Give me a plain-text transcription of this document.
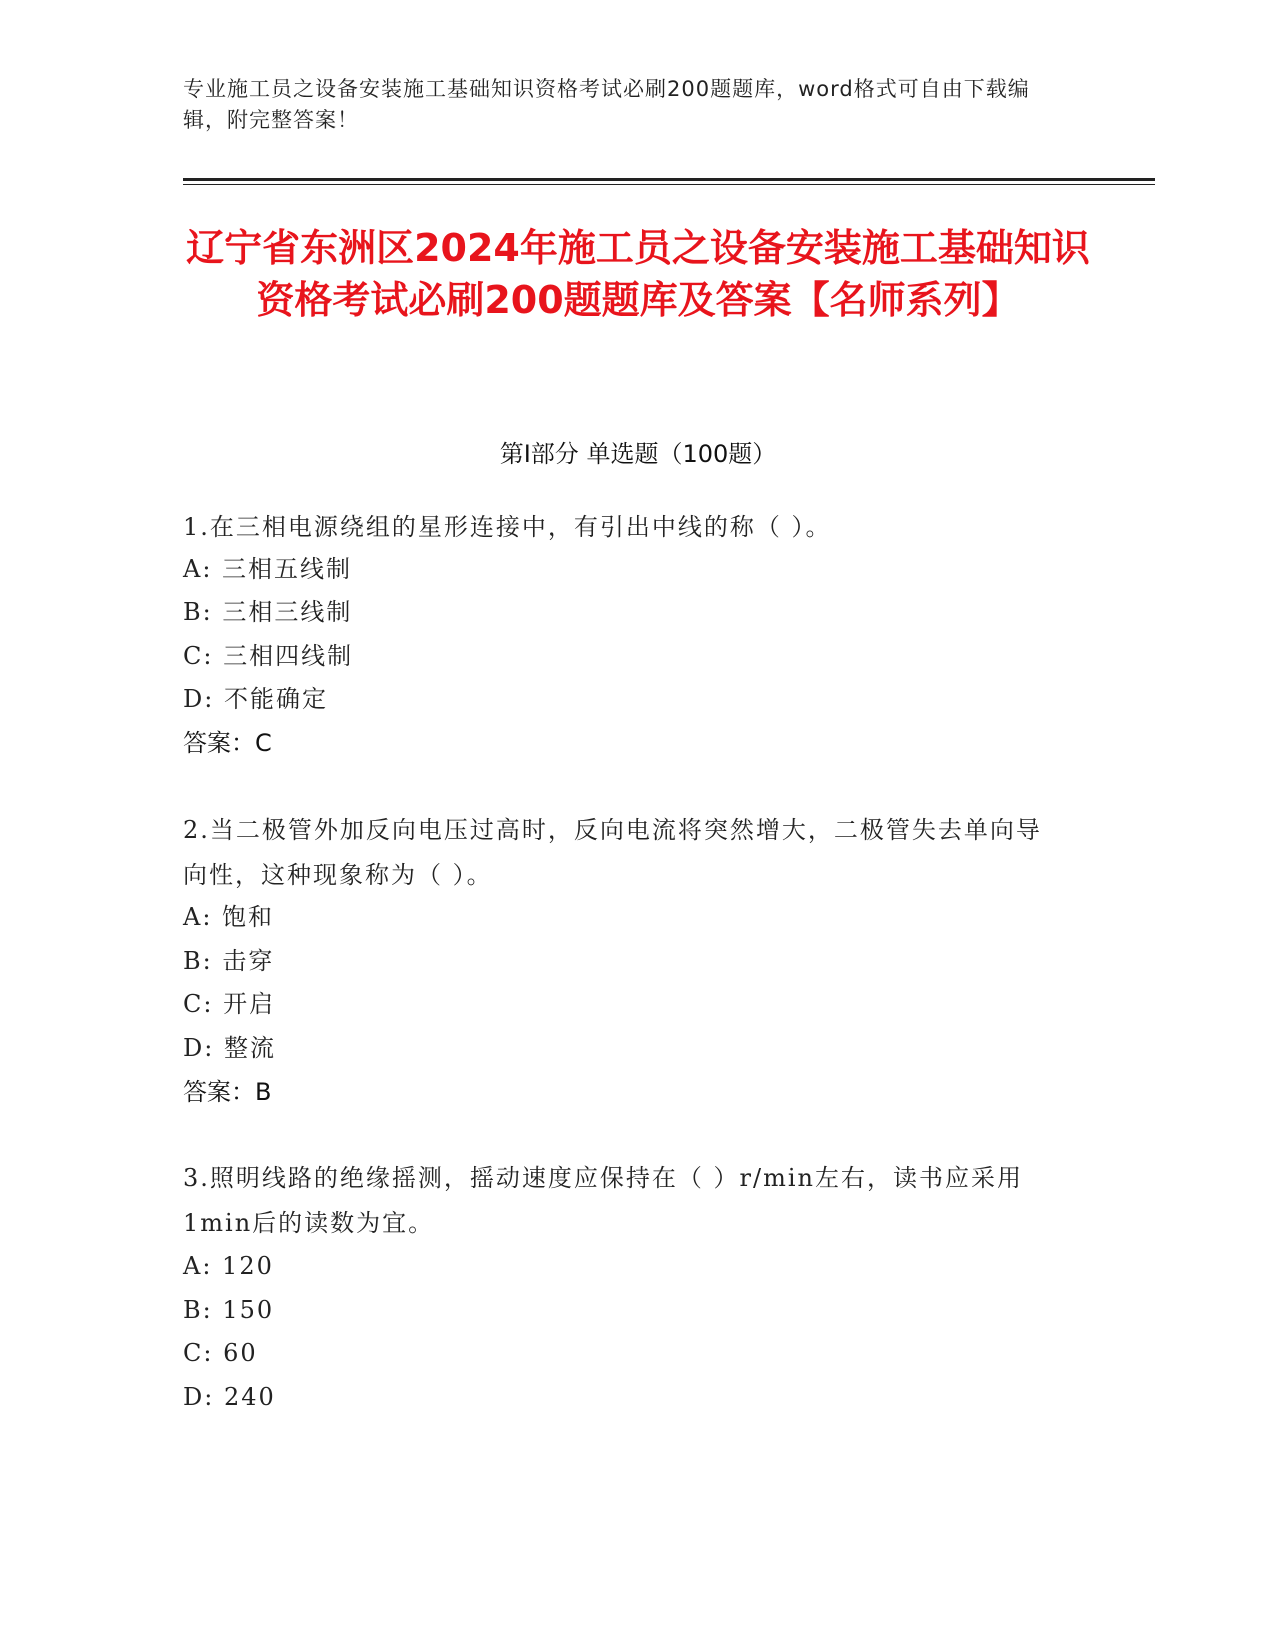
专业施工员之设备安装施工基础知识资格考试必刷200题题库，word格式可自由下载编辑，附完整答案！
辽宁省东洲区2024年施工员之设备安装施工基础知识资格考试必刷200题题库及答案【名师系列】
第Ⅰ部分 单选题（100题）
1.在三相电源绕组的星形连接中，有引出中线的称（ ）。
A: 三相五线制
B: 三相三线制
C: 三相四线制
D: 不能确定
答案：C
2.当二极管外加反向电压过高时，反向电流将突然增大，二极管失去单向导向性，这种现象称为（ ）。
A: 饱和
B: 击穿
C: 开启
D: 整流
答案：B
3.照明线路的绝缘摇测，摇动速度应保持在（ ）r/min左右，读书应采用1min后的读数为宜。
A: 120
B: 150
C: 60
D: 240
